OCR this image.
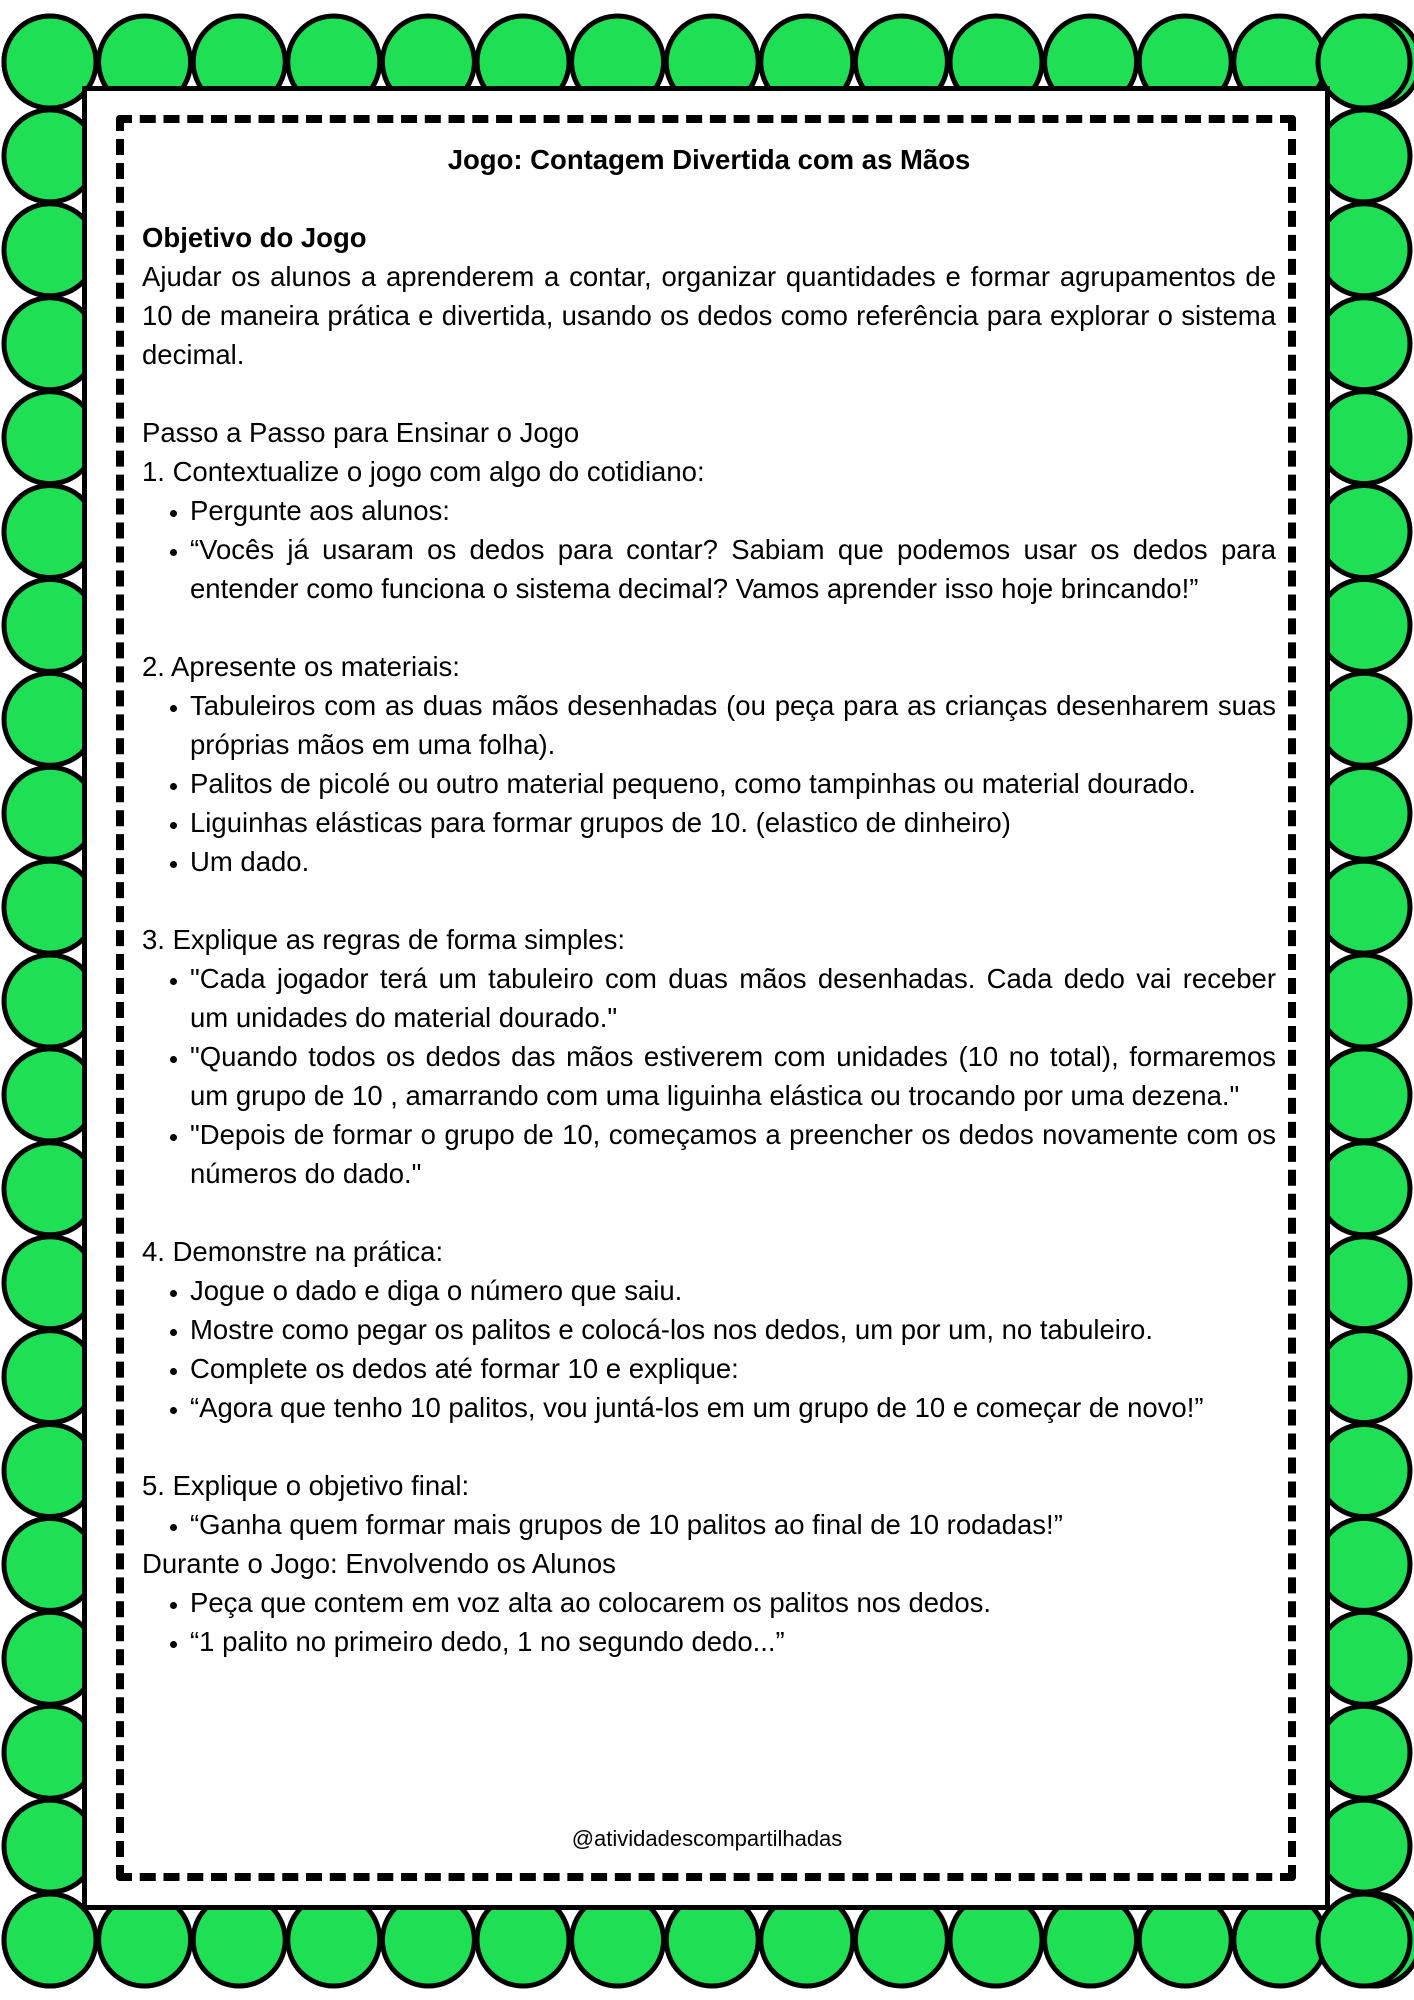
Jogo: Contagem Divertida com as Mãos

Objetivo do Jogo

Ajudar os alunos a aprenderem a contar, organizar quantidades e formar agrupamentos de 10 de maneira prática e divertida, usando os dedos como referência para explorar o sistema decimal.

Passo a Passo para Ensinar o Jogo

1. Contextualize o jogo com algo do cotidiano:

• Pergunte aos alunos:
• “Vocês já usaram os dedos para contar? Sabiam que podemos usar os dedos para entender como funciona o sistema decimal? Vamos aprender isso hoje brincando!”

2. Apresente os materiais:

• Tabuleiros com as duas mãos desenhadas (ou peça para as crianças desenharem suas próprias mãos em uma folha).
• Palitos de picolé ou outro material pequeno, como tampinhas ou material dourado.
• Liguinhas elásticas para formar grupos de 10. (elastico de dinheiro)
• Um dado.

3. Explique as regras de forma simples:

• "Cada jogador terá um tabuleiro com duas mãos desenhadas. Cada dedo vai receber um unidades do material dourado."
• "Quando todos os dedos das mãos estiverem com unidades (10 no total), formaremos um grupo de 10 , amarrando com uma liguinha elástica ou trocando por uma dezena."
• "Depois de formar o grupo de 10, começamos a preencher os dedos novamente com os números do dado."

4. Demonstre na prática:

• Jogue o dado e diga o número que saiu.
• Mostre como pegar os palitos e colocá-los nos dedos, um por um, no tabuleiro.
• Complete os dedos até formar 10 e explique:
• “Agora que tenho 10 palitos, vou juntá-los em um grupo de 10 e começar de novo!”

5. Explique o objetivo final:

• “Ganha quem formar mais grupos de 10 palitos ao final de 10 rodadas!”

Durante o Jogo: Envolvendo os Alunos

• Peça que contem em voz alta ao colocarem os palitos nos dedos.
• “1 palito no primeiro dedo, 1 no segundo dedo...”
@atividadescompartilhadas
